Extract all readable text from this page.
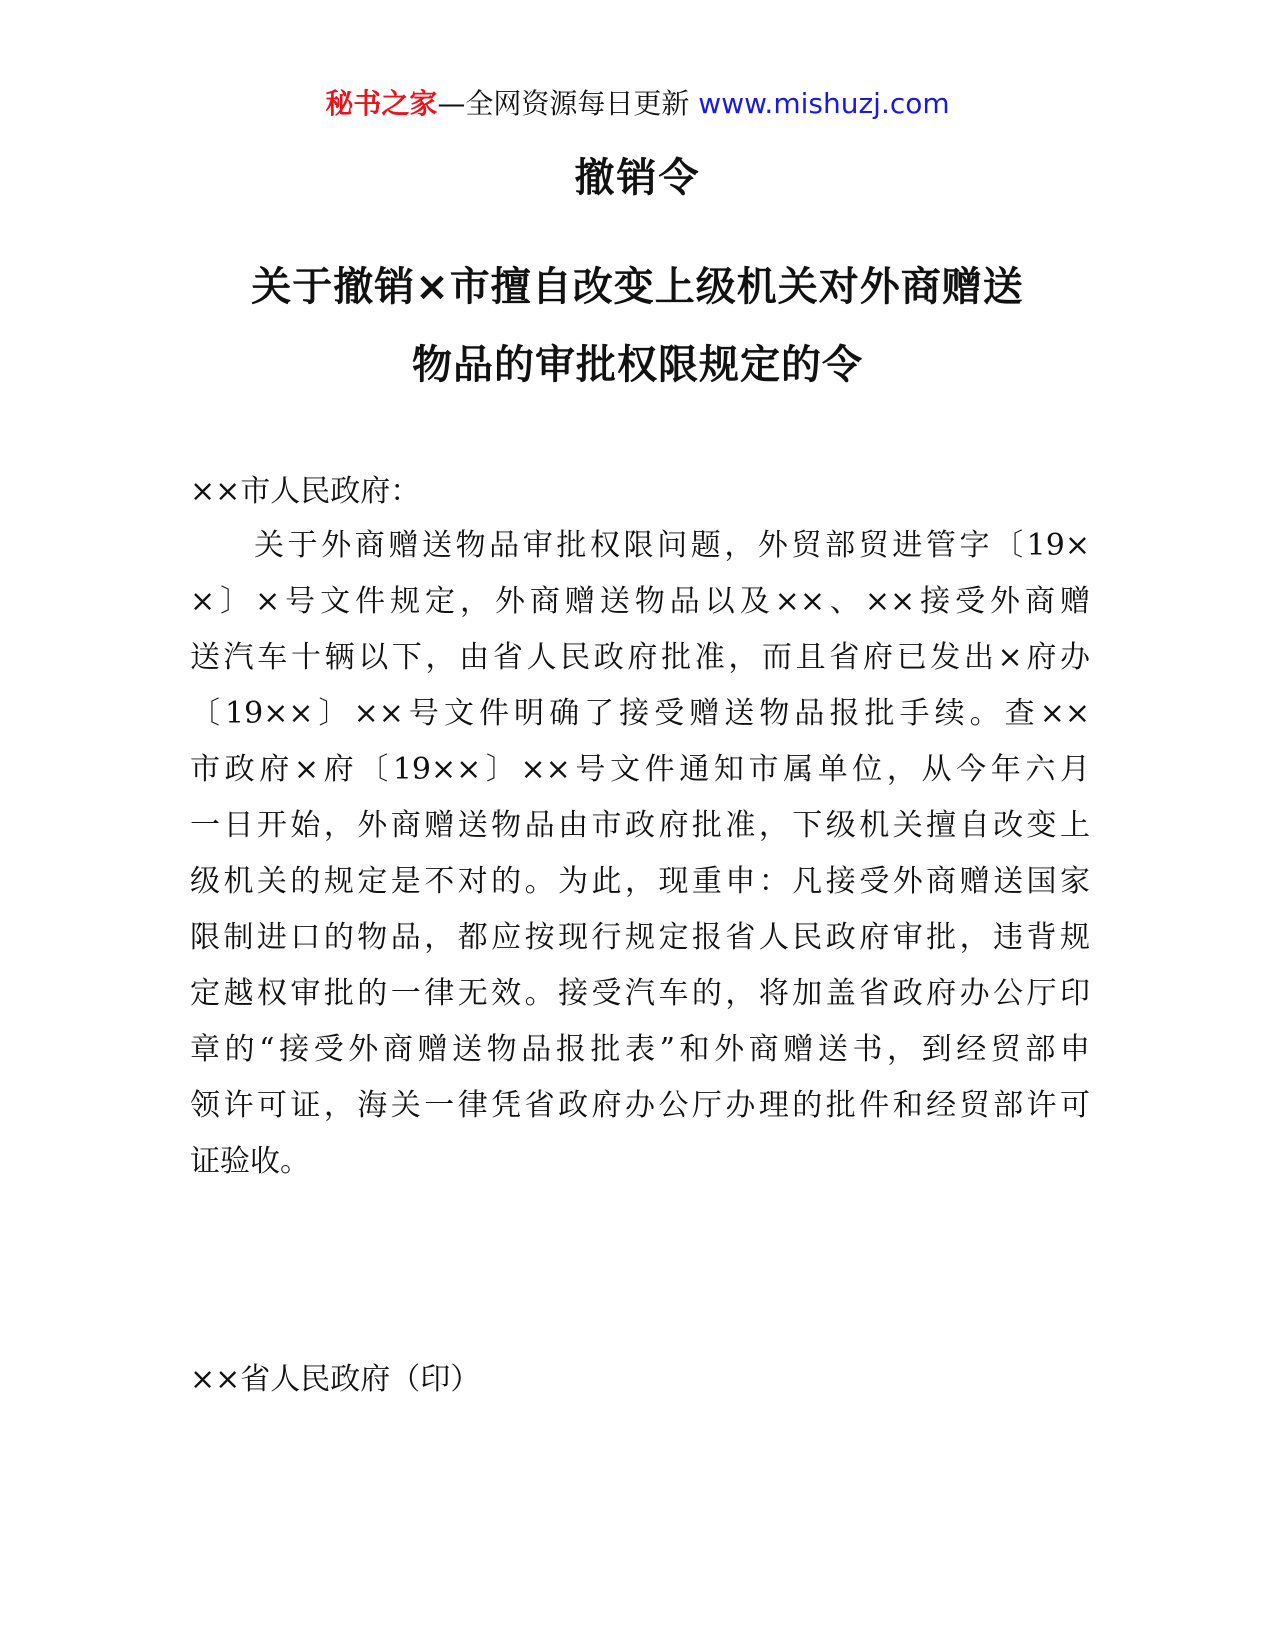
秘书之家—全网资源每日更新 www.mishuzj.com
撤销令
关于撤销×市擅自改变上级机关对外商赠送
物品的审批权限规定的令
××市人民政府：
关于外商赠送物品审批权限问题，外贸部贸进管字〔19×
×〕×号文件规定，外商赠送物品以及××、××接受外商赠
送汽车十辆以下，由省人民政府批准，而且省府已发出×府办
〔19××〕××号文件明确了接受赠送物品报批手续。查××
市政府×府〔19××〕××号文件通知市属单位，从今年六月
一日开始，外商赠送物品由市政府批准，下级机关擅自改变上
级机关的规定是不对的。为此，现重申：凡接受外商赠送国家
限制进口的物品，都应按现行规定报省人民政府审批，违背规
定越权审批的一律无效。接受汽车的，将加盖省政府办公厅印
章的“接受外商赠送物品报批表”和外商赠送书，到经贸部申
领许可证，海关一律凭省政府办公厅办理的批件和经贸部许可
证验收。
××省人民政府（印）
